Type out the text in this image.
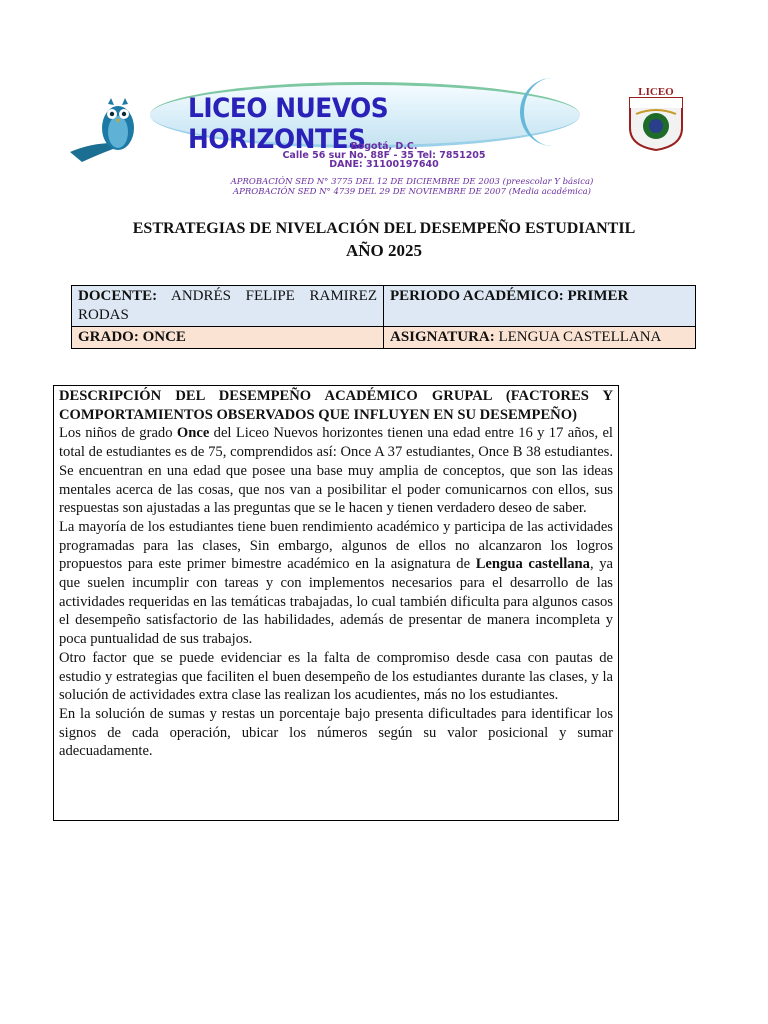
LICEO NUEVOS HORIZONTES
LICEO
Bogotá, D.C.
Calle 56 sur No. 88F - 35 Tel: 7851205
DANE: 31100197640
APROBACIÓN SED N° 3775 DEL 12 DE DICIEMBRE DE 2003 (preescolar Y básica)
APROBACIÓN SED N° 4739 DEL 29 DE NOVIEMBRE DE 2007 (Media académica)
ESTRATEGIAS DE NIVELACIÓN DEL DESEMPEÑO ESTUDIANTIL
AÑO 2025
DOCENTE: ANDRÉS FELIPE RAMIREZ
RODAS	PERIODO ACADÉMICO: PRIMER
GRADO: ONCE	ASIGNATURA: LENGUA CASTELLANA

DESCRIPCIÓN DEL DESEMPEÑO ACADÉMICO GRUPAL (FACTORES Y COMPORTAMIENTOS OBSERVADOS QUE INFLUYEN EN SU DESEMPEÑO)

Los niños de grado Once del Liceo Nuevos horizontes tienen una edad entre 16 y 17 años, el total de estudiantes es de 75, comprendidos así: Once A 37 estudiantes, Once B 38 estudiantes. Se encuentran en una edad que posee una base muy amplia de conceptos, que son las ideas mentales acerca de las cosas, que nos van a posibilitar el poder comunicarnos con ellos, sus respuestas son ajustadas a las preguntas que se le hacen y tienen verdadero deseo de saber.

La mayoría de los estudiantes tiene buen rendimiento académico y participa de las actividades programadas para las clases, Sin embargo, algunos de ellos no alcanzaron los logros propuestos para este primer bimestre académico en la asignatura de Lengua castellana, ya que suelen incumplir con tareas y con implementos necesarios para el desarrollo de las actividades requeridas en las temáticas trabajadas, lo cual también dificulta para algunos casos el desempeño satisfactorio de las habilidades, además de presentar de manera incompleta y poca puntualidad de sus trabajos.

Otro factor que se puede evidenciar es la falta de compromiso desde casa con pautas de estudio y estrategias que faciliten el buen desempeño de los estudiantes durante las clases, y la solución de actividades extra clase las realizan los acudientes, más no los estudiantes.

En la solución de sumas y restas un porcentaje bajo presenta dificultades para identificar los signos de cada operación, ubicar los números según su valor posicional y sumar adecuadamente.
